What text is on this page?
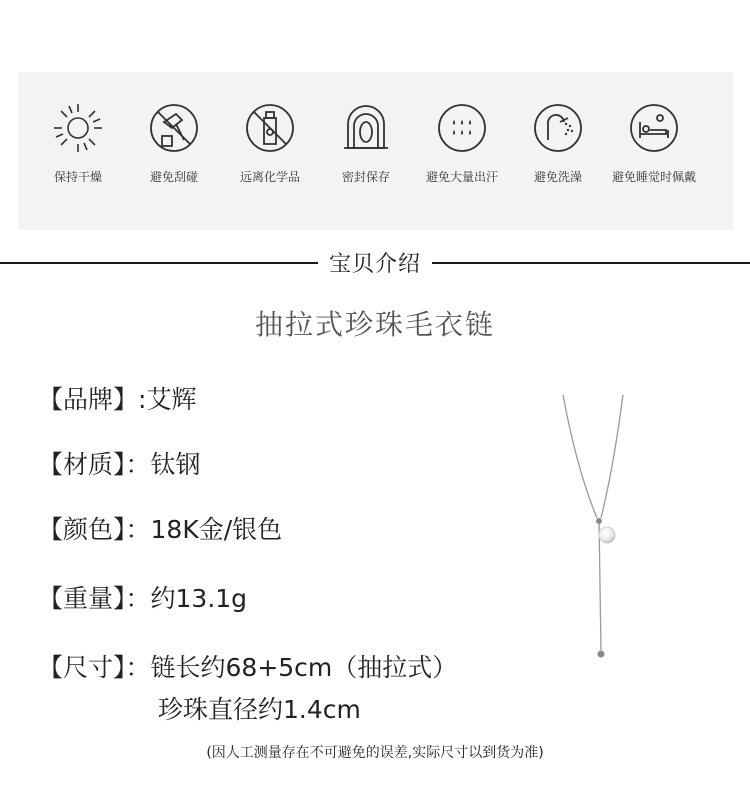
保持干燥	避免刮碰	远离化学品	密封保存	避免大量出汗	避免洗澡	避免睡觉时佩戴
宝贝介绍
抽拉式珍珠毛衣链
【品牌】:艾辉
【材质】：钛钢
【颜色】：18K金/银色
【重量】：约13.1g
【尺寸】：链长约68+5cm（抽拉式）
珍珠直径约1.4cm
(因人工测量存在不可避免的误差,实际尺寸以到货为准)
